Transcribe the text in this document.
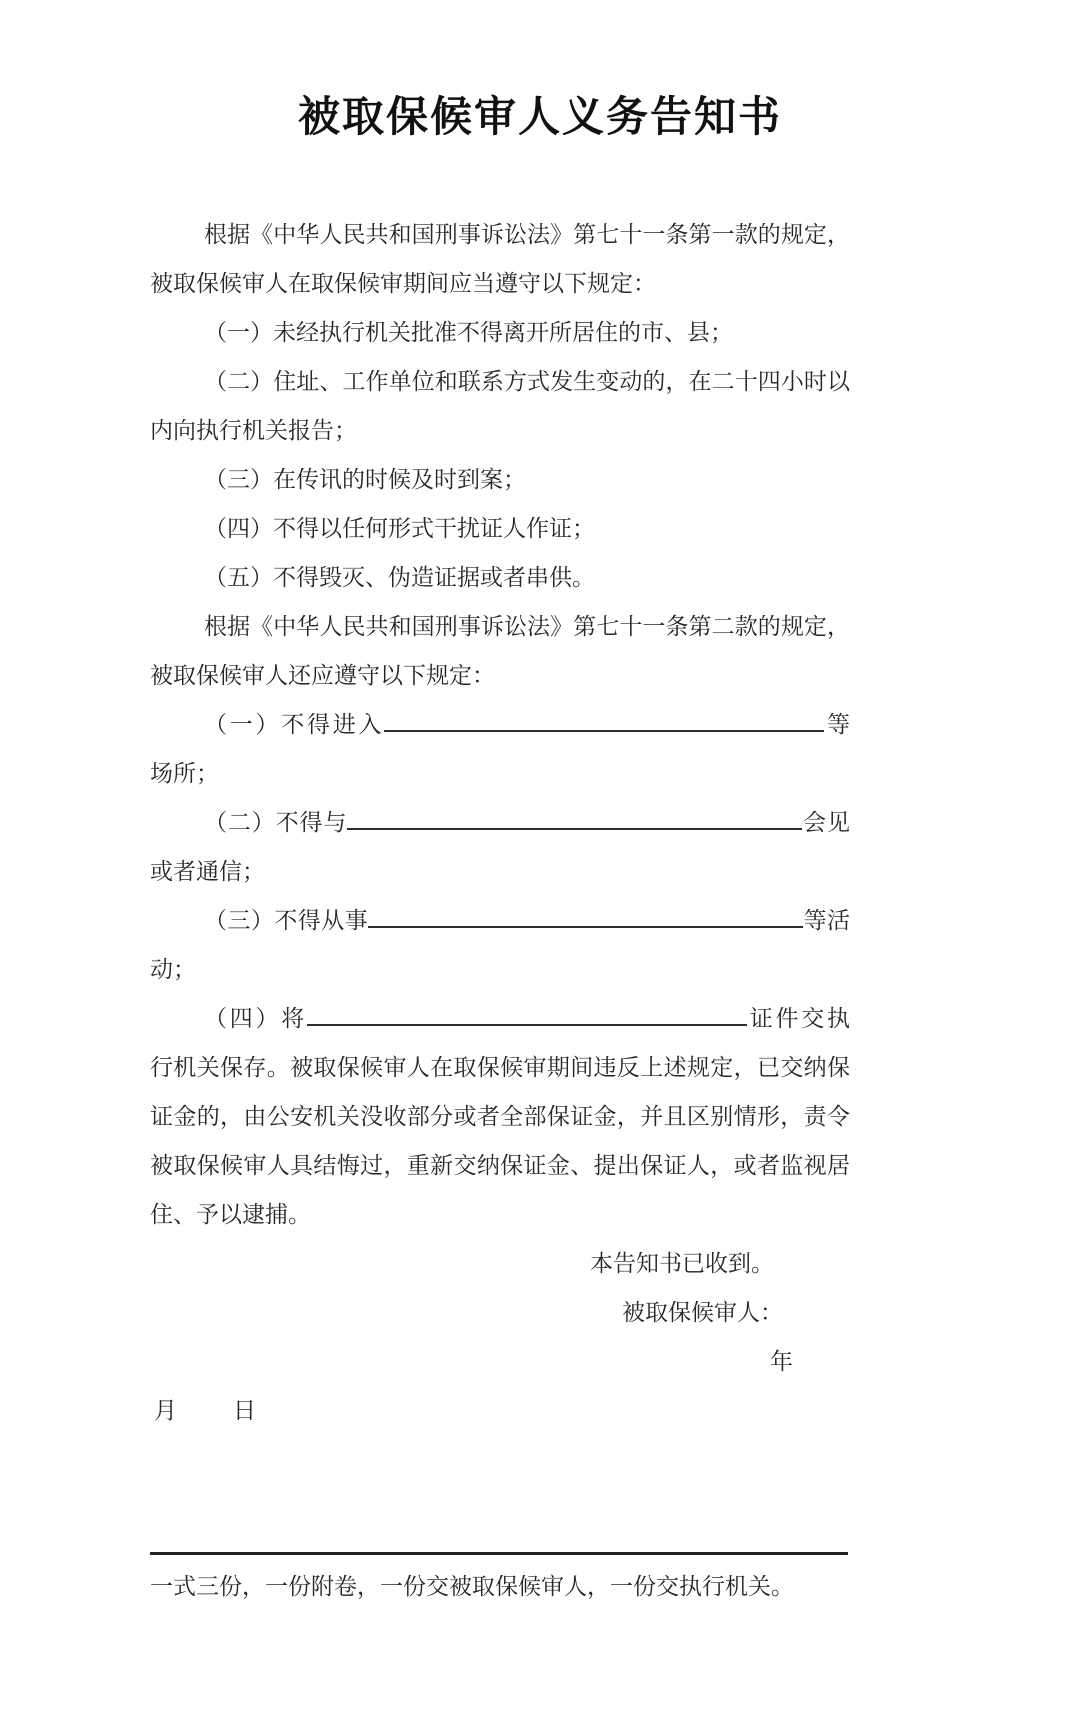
被取保候审人义务告知书

根据《中华人民共和国刑事诉讼法》第七十一条第一款的规定，被取保候审人在取保候审期间应当遵守以下规定：

（一）未经执行机关批准不得离开所居住的市、县；

（二）住址、工作单位和联系方式发生变动的，在二十四小时以内向执行机关报告；

（三）在传讯的时候及时到案；

（四）不得以任何形式干扰证人作证；

（五）不得毁灭、伪造证据或者串供。

根据《中华人民共和国刑事诉讼法》第七十一条第二款的规定，被取保候审人还应遵守以下规定：

（一）不得进入	等场所；

（二）不得与	会见或者通信；

（三）不得从事	等活动；

（四）将	证件交执行机关保存。被取保候审人在取保候审期间违反上述规定，已交纳保证金的，由公安机关没收部分或者全部保证金，并且区别情形，责令被取保候审人具结悔过，重新交纳保证金、提出保证人，或者监视居住、予以逮捕。

本告知书已收到。

被取保候审人：

年

月 日

一式三份，一份附卷，一份交被取保候审人，一份交执行机关。
